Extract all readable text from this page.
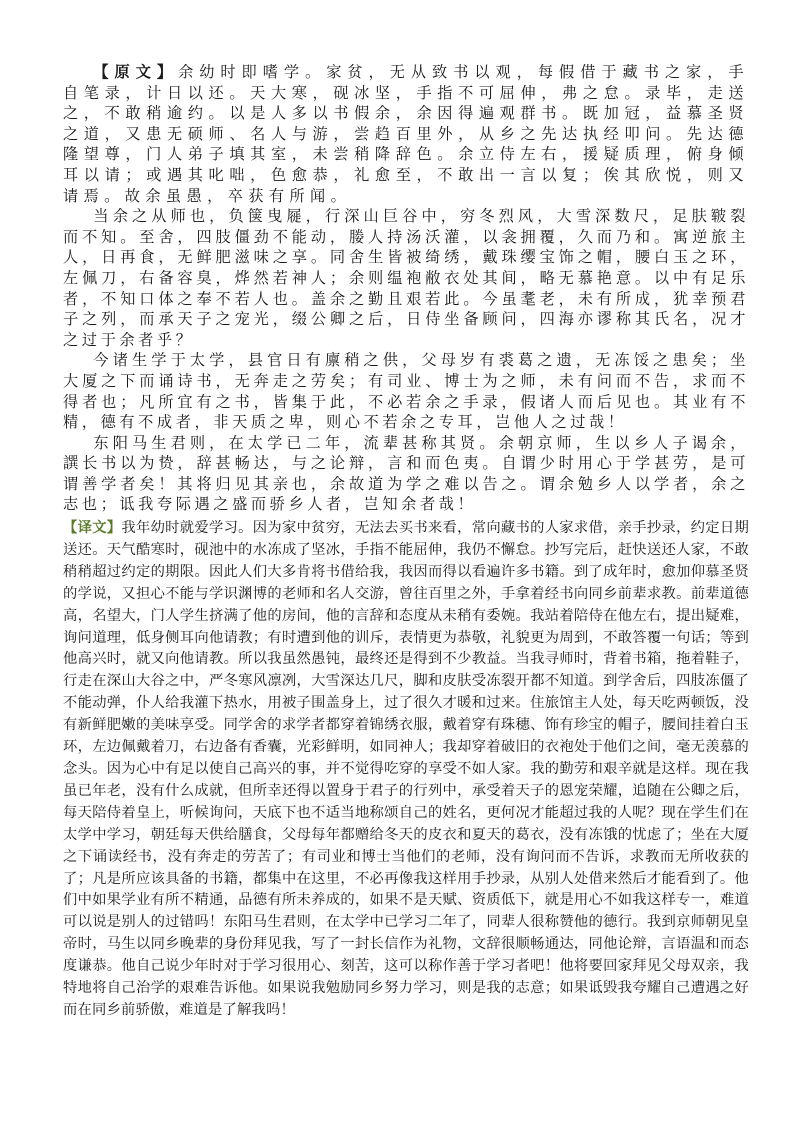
【原文】余幼时即嗜学。家贫，无从致书以观，每假借于藏书之家，手自笔录，计日以还。天大寒，砚冰坚，手指不可屈伸，弗之怠。录毕，走送之，不敢稍逾约。以是人多以书假余，余因得遍观群书。既加冠，益慕圣贤之道，又患无硕师、名人与游，尝趋百里外，从乡之先达执经叩问。先达德隆望尊，门人弟子填其室，未尝稍降辞色。余立侍左右，援疑质理，俯身倾耳以请；或遇其叱咄，色愈恭，礼愈至，不敢出一言以复；俟其欣悦，则又请焉。故余虽愚，卒获有所闻。

当余之从师也，负箧曳屣，行深山巨谷中，穷冬烈风，大雪深数尺，足肤皲裂而不知。至舍，四肢僵劲不能动，媵人持汤沃灌，以衾拥覆，久而乃和。寓逆旅主人，日再食，无鲜肥滋味之享。同舍生皆被绮绣，戴珠缨宝饰之帽，腰白玉之环，左佩刀，右备容臭，烨然若神人；余则缊袍敝衣处其间，略无慕艳意。以中有足乐者，不知口体之奉不若人也。盖余之勤且艰若此。今虽耄老，未有所成，犹幸预君子之列，而承天子之宠光，缀公卿之后，日侍坐备顾问，四海亦谬称其氏名，况才之过于余者乎？

今诸生学于太学，县官日有廪稍之供，父母岁有裘葛之遗，无冻馁之患矣；坐大厦之下而诵诗书，无奔走之劳矣；有司业、博士为之师，未有问而不告，求而不得者也；凡所宜有之书，皆集于此，不必若余之手录，假诸人而后见也。其业有不精，德有不成者，非天质之卑，则心不若余之专耳，岂他人之过哉！

东阳马生君则，在太学已二年，流辈甚称其贤。余朝京师，生以乡人子谒余，譔长书以为贽，辞甚畅达，与之论辩，言和而色夷。自谓少时用心于学甚劳，是可谓善学者矣！其将归见其亲也，余故道为学之难以告之。谓余勉乡人以学者，余之志也；诋我夸际遇之盛而骄乡人者，岂知余者哉！

【译文】我年幼时就爱学习。因为家中贫穷，无法去买书来看，常向藏书的人家求借，亲手抄录，约定日期送还。天气酷寒时，砚池中的水冻成了坚冰，手指不能屈伸，我仍不懈怠。抄写完后，赶快送还人家，不敢稍稍超过约定的期限。因此人们大多肯将书借给我，我因而得以看遍许多书籍。到了成年时，愈加仰慕圣贤的学说，又担心不能与学识渊博的老师和名人交游，曾往百里之外，手拿着经书向同乡前辈求教。前辈道德高，名望大，门人学生挤满了他的房间，他的言辞和态度从未稍有委婉。我站着陪侍在他左右，提出疑难，询问道理，低身侧耳向他请教；有时遭到他的训斥，表情更为恭敬，礼貌更为周到，不敢答覆一句话；等到他高兴时，就又向他请教。所以我虽然愚钝，最终还是得到不少教益。当我寻师时，背着书箱，拖着鞋子，行走在深山大谷之中，严冬寒风凛冽，大雪深达几尺，脚和皮肤受冻裂开都不知道。到学舍后，四肢冻僵了不能动弹，仆人给我灌下热水，用被子围盖身上，过了很久才暖和过来。住旅馆主人处，每天吃两顿饭，没有新鲜肥嫩的美味享受。同学舍的求学者都穿着锦绣衣服，戴着穿有珠穗、饰有珍宝的帽子，腰间挂着白玉环，左边佩戴着刀，右边备有香囊，光彩鲜明，如同神人；我却穿着破旧的衣袍处于他们之间，毫无羡慕的念头。因为心中有足以使自己高兴的事，并不觉得吃穿的享受不如人家。我的勤劳和艰辛就是这样。现在我虽已年老，没有什么成就，但所幸还得以置身于君子的行列中，承受着天子的恩宠荣耀，追随在公卿之后，每天陪侍着皇上，听候询问，天底下也不适当地称颂自己的姓名，更何况才能超过我的人呢？现在学生们在太学中学习，朝廷每天供给膳食，父母每年都赠给冬天的皮衣和夏天的葛衣，没有冻饿的忧虑了；坐在大厦之下诵读经书，没有奔走的劳苦了；有司业和博士当他们的老师，没有询问而不告诉，求教而无所收获的了；凡是所应该具备的书籍，都集中在这里，不必再像我这样用手抄录，从别人处借来然后才能看到了。他们中如果学业有所不精通，品德有所未养成的，如果不是天赋、资质低下，就是用心不如我这样专一，难道可以说是别人的过错吗！东阳马生君则，在太学中已学习二年了，同辈人很称赞他的德行。我到京师朝见皇帝时，马生以同乡晚辈的身份拜见我，写了一封长信作为礼物，文辞很顺畅通达，同他论辩，言语温和而态度谦恭。他自己说少年时对于学习很用心、刻苦，这可以称作善于学习者吧！他将要回家拜见父母双亲，我特地将自己治学的艰难告诉他。如果说我勉励同乡努力学习，则是我的志意；如果诋毁我夸耀自己遭遇之好而在同乡前骄傲，难道是了解我吗！
